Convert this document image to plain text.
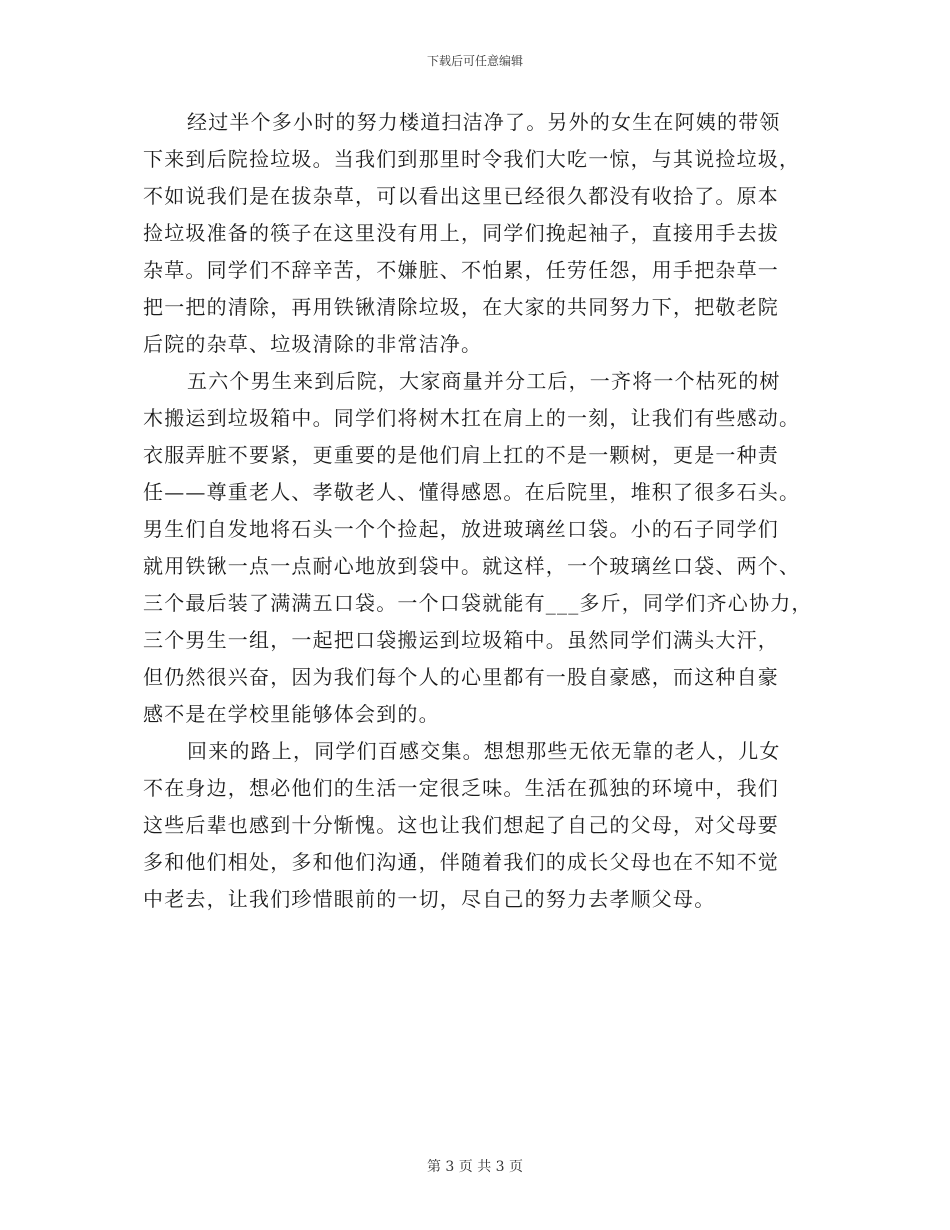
下载后可任意编辑
经过半个多小时的努力楼道扫洁净了。另外的女生在阿姨的带领
下来到后院捡垃圾。当我们到那里时令我们大吃一惊，与其说捡垃圾，
不如说我们是在拔杂草，可以看出这里已经很久都没有收拾了。原本
捡垃圾准备的筷子在这里没有用上，同学们挽起袖子，直接用手去拔
杂草。同学们不辞辛苦，不嫌脏、不怕累，任劳任怨，用手把杂草一
把一把的清除，再用铁锹清除垃圾，在大家的共同努力下，把敬老院
后院的杂草、垃圾清除的非常洁净。
五六个男生来到后院，大家商量并分工后，一齐将一个枯死的树
木搬运到垃圾箱中。同学们将树木扛在肩上的一刻，让我们有些感动。
衣服弄脏不要紧，更重要的是他们肩上扛的不是一颗树，更是一种责
任——尊重老人、孝敬老人、懂得感恩。在后院里，堆积了很多石头。
男生们自发地将石头一个个捡起，放进玻璃丝口袋。小的石子同学们
就用铁锹一点一点耐心地放到袋中。就这样，一个玻璃丝口袋、两个、
三个最后装了满满五口袋。一个口袋就能有___多斤，同学们齐心协力，
三个男生一组，一起把口袋搬运到垃圾箱中。虽然同学们满头大汗，
但仍然很兴奋，因为我们每个人的心里都有一股自豪感，而这种自豪
感不是在学校里能够体会到的。
回来的路上，同学们百感交集。想想那些无依无靠的老人，儿女
不在身边，想必他们的生活一定很乏味。生活在孤独的环境中，我们
这些后辈也感到十分惭愧。这也让我们想起了自己的父母，对父母要
多和他们相处，多和他们沟通，伴随着我们的成长父母也在不知不觉
中老去，让我们珍惜眼前的一切，尽自己的努力去孝顺父母。
第 3 页 共 3 页
